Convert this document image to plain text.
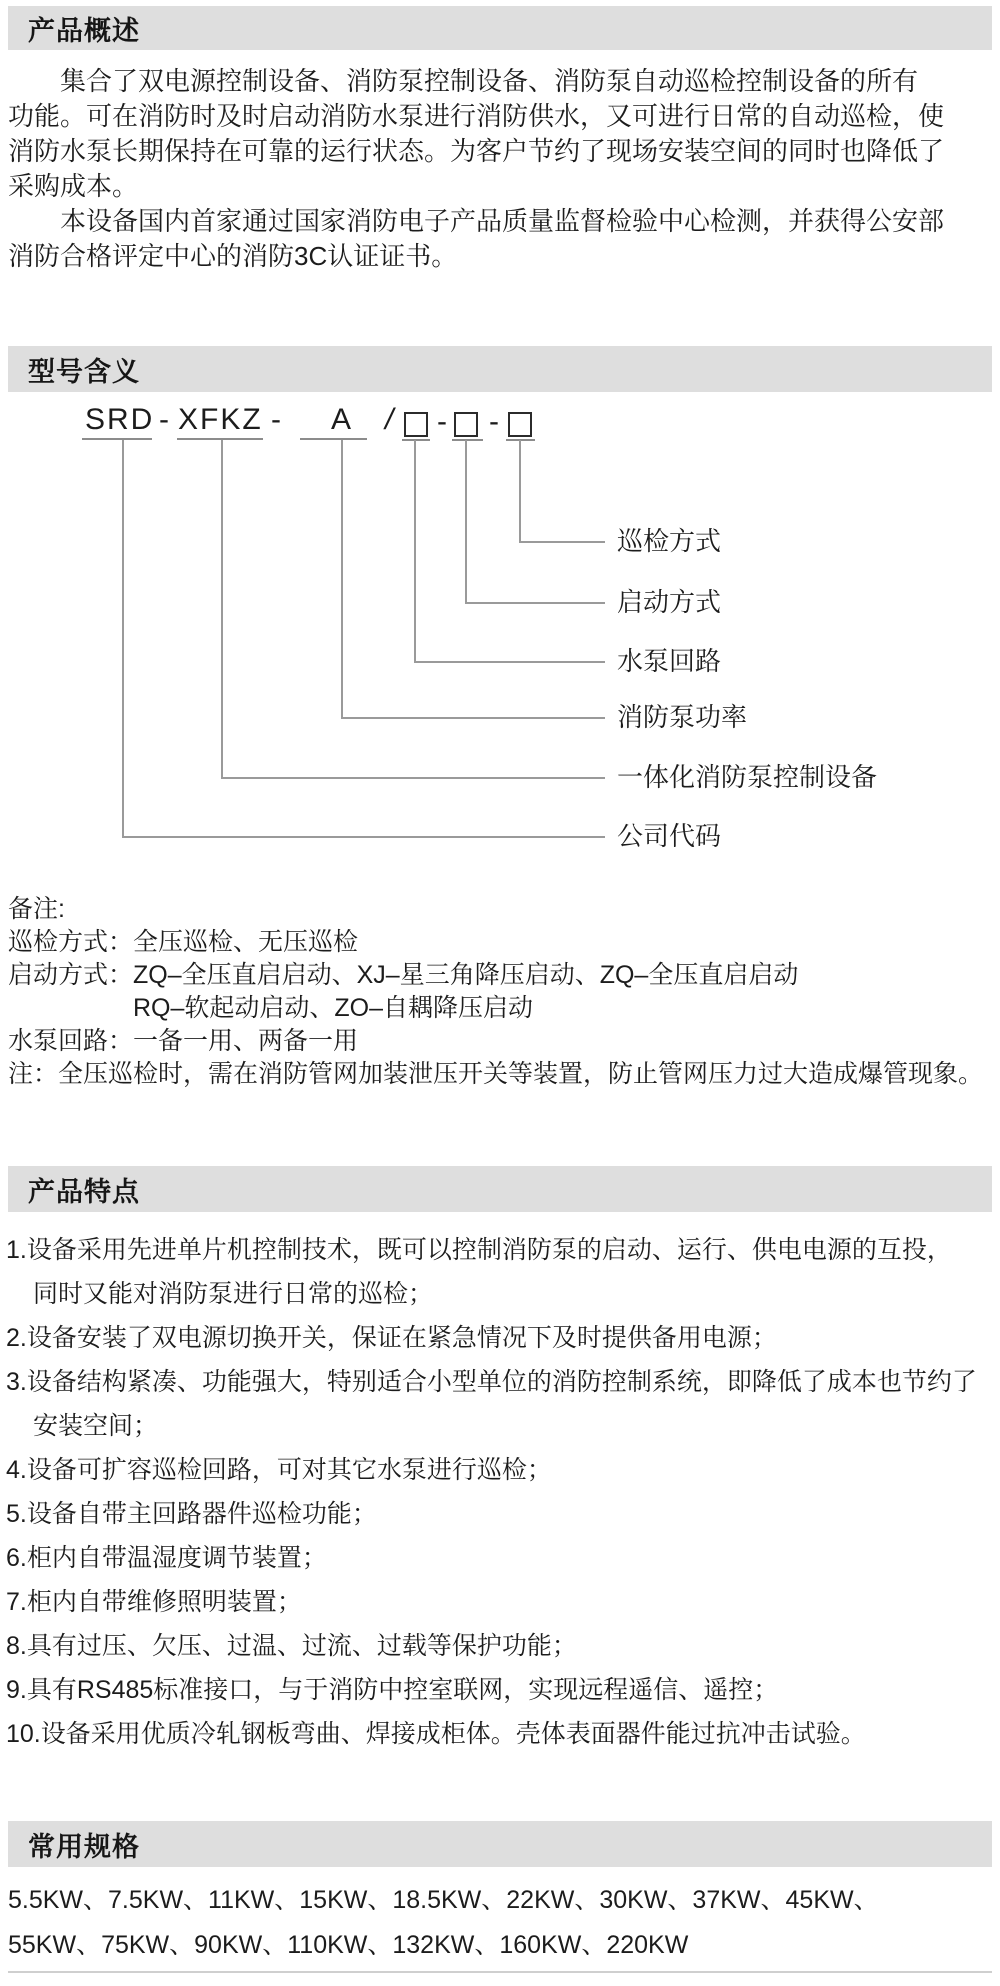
产品概述
集合了双电源控制设备、消防泵控制设备、消防泵自动巡检控制设备的所有
功能。可在消防时及时启动消防水泵进行消防供水，又可进行日常的自动巡检，使
消防水泵长期保持在可靠的运行状态。为客户节约了现场安装空间的同时也降低了
采购成本。
本设备国内首家通过国家消防电子产品质量监督检验中心检测，并获得公安部
消防合格评定中心的消防3C认证证书。
型号含义
SRD - XFKZ - A / - -
巡检方式
启动方式
水泵回路
消防泵功率
一体化消防泵控制设备
公司代码
备注:
巡检方式：全压巡检、无压巡检
启动方式：ZQ–全压直启启动、XJ–星三角降压启动、ZQ–全压直启启动
RQ–软起动启动、ZO–自耦降压启动
水泵回路：一备一用、两备一用
注：全压巡检时，需在消防管网加装泄压开关等装置，防止管网压力过大造成爆管现象。
产品特点
1.设备采用先进单片机控制技术，既可以控制消防泵的启动、运行、供电电源的互投，
同时又能对消防泵进行日常的巡检；
2.设备安装了双电源切换开关，保证在紧急情况下及时提供备用电源；
3.设备结构紧凑、功能强大，特别适合小型单位的消防控制系统，即降低了成本也节约了
安装空间；
4.设备可扩容巡检回路，可对其它水泵进行巡检；
5.设备自带主回路器件巡检功能；
6.柜内自带温湿度调节装置；
7.柜内自带维修照明装置；
8.具有过压、欠压、过温、过流、过载等保护功能；
9.具有RS485标准接口，与于消防中控室联网，实现远程遥信、遥控；
10.设备采用优质冷轧钢板弯曲、焊接成柜体。壳体表面器件能过抗冲击试验。
常用规格
5.5KW、7.5KW、11KW、15KW、18.5KW、22KW、30KW、37KW、45KW、
55KW、75KW、90KW、110KW、132KW、160KW、220KW
